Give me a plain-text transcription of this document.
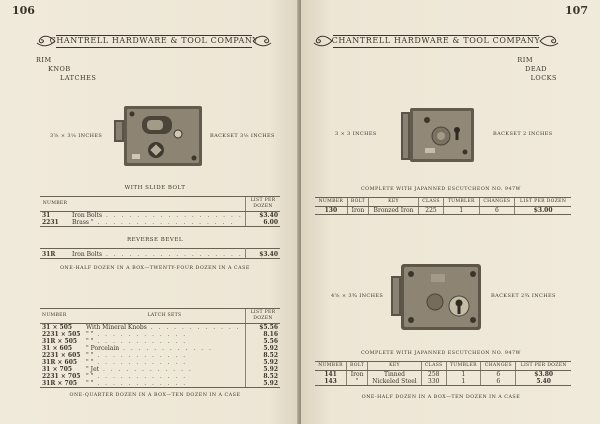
106
CHANTRELL HARDWARE & TOOL COMPANY
RIM
KNOB
LATCHES
3⅝ × 3⅛ INCHES	BACKSET 3⅛ INCHES
WITH SLIDE BOLT
NUMBER		LIST PER DOZEN
31	Iron Bolts . . . . . . . . . . . . . . . . . .	$3.40
2231	Brass " . . . . . . . . . . . . . . . . . .	6.00
REVERSE BEVEL
31R	Iron Bolts . . . . . . . . . . . . . . . . . .	$3.40
ONE-HALF DOZEN IN A BOX—TWENTY-FOUR DOZEN IN A CASE
NUMBER	LATCH SETS	LIST PER DOZEN
31 × 505	With Mineral Knobs . . . . . . . . . . . .	$5.56
2231 × 505	" " . . . . . . . . . . . .	8.16
31R × 505	" " . . . . . . . . . . . .	5.56
31 × 605	" Porcelain . . . . . . . . . . . .	5.92
2231 × 605	" " . . . . . . . . . . . .	8.52
31R × 605	" " . . . . . . . . . . . .	5.92
31 × 705	" Jet . . . . . . . . . . . .	5.92
2231 × 705	" " . . . . . . . . . . . .	8.52
31R × 705	" " . . . . . . . . . . . .	5.92
ONE-QUARTER DOZEN IN A BOX—TEN DOZEN IN A CASE
107
CHANTRELL HARDWARE & TOOL COMPANY
RIM
DEAD
LOCKS
3 × 3 INCHES	BACKSET 2 INCHES
COMPLETE WITH JAPANNED ESCUTCHEON NO. 947W
NUMBER	BOLT	KEY	CLASS	TUMBLER	CHANGES	LIST PER DOZEN
130	Iron	Bronzed Iron	225	1	6	$3.00
4⅝ × 3¾ INCHES	BACKSET 2¾ INCHES
COMPLETE WITH JAPANNED ESCUTCHEON NO. 947W
NUMBER	BOLT	KEY	CLASS	TUMBLER	CHANGES	LIST PER DOZEN
141	Iron	Tinned	258	1	6	$3.80
143	"	Nickeled Steel	330	1	6	5.40
ONE-HALF DOZEN IN A BOX—TEN DOZEN IN A CASE
